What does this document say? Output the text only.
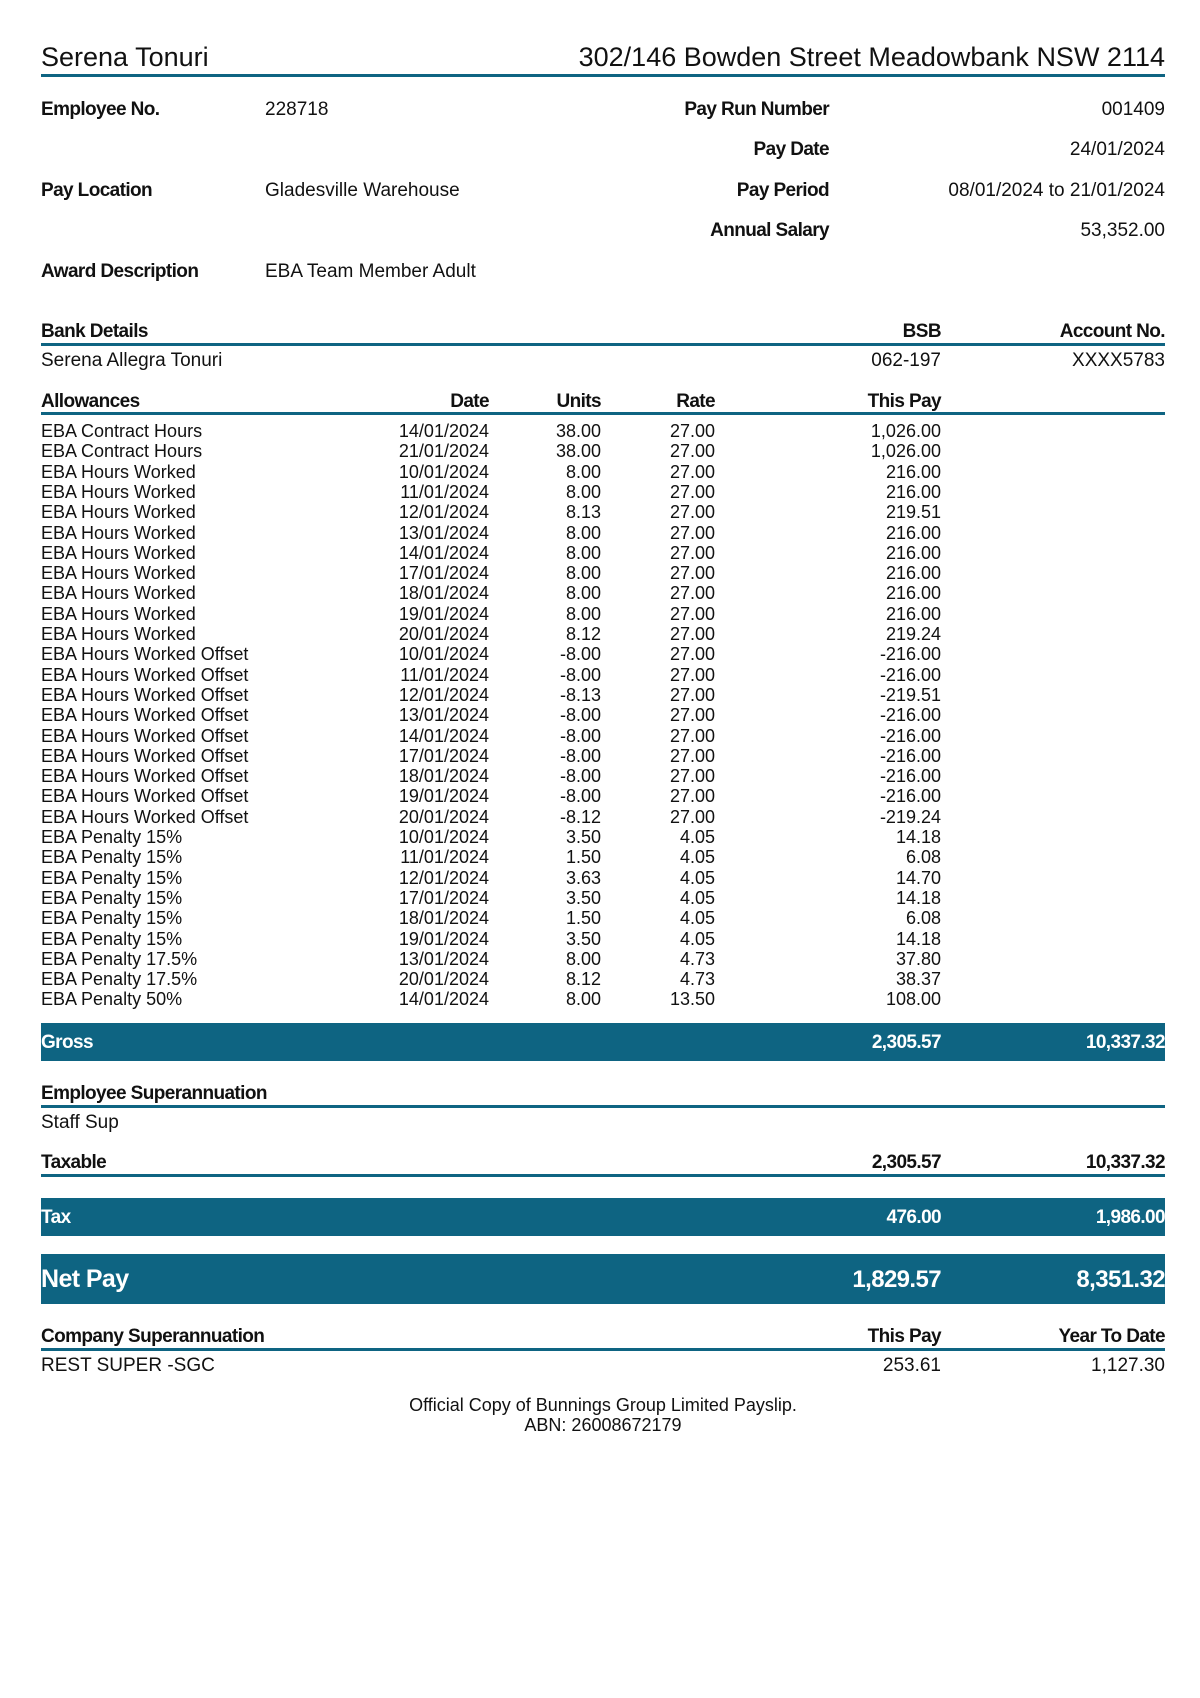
Serena Tonuri	302/146 Bowden Street Meadowbank NSW 2114
Employee No.	228718
Pay Location	Gladesville Warehouse
Award Description	EBA Team Member Adult
Pay Run Number	001409
Pay Date	24/01/2024
Pay Period	08/01/2024 to 21/01/2024
Annual Salary	53,352.00
Bank Details	BSB	Account No.
Serena Allegra Tonuri	062-197	XXXX5783
Allowances	Date	Units	Rate	This Pay
EBA Contract Hours	14/01/2024	38.00	27.00	1,026.00
EBA Contract Hours	21/01/2024	38.00	27.00	1,026.00
EBA Hours Worked	10/01/2024	8.00	27.00	216.00
EBA Hours Worked	11/01/2024	8.00	27.00	216.00
EBA Hours Worked	12/01/2024	8.13	27.00	219.51
EBA Hours Worked	13/01/2024	8.00	27.00	216.00
EBA Hours Worked	14/01/2024	8.00	27.00	216.00
EBA Hours Worked	17/01/2024	8.00	27.00	216.00
EBA Hours Worked	18/01/2024	8.00	27.00	216.00
EBA Hours Worked	19/01/2024	8.00	27.00	216.00
EBA Hours Worked	20/01/2024	8.12	27.00	219.24
EBA Hours Worked Offset	10/01/2024	-8.00	27.00	-216.00
EBA Hours Worked Offset	11/01/2024	-8.00	27.00	-216.00
EBA Hours Worked Offset	12/01/2024	-8.13	27.00	-219.51
EBA Hours Worked Offset	13/01/2024	-8.00	27.00	-216.00
EBA Hours Worked Offset	14/01/2024	-8.00	27.00	-216.00
EBA Hours Worked Offset	17/01/2024	-8.00	27.00	-216.00
EBA Hours Worked Offset	18/01/2024	-8.00	27.00	-216.00
EBA Hours Worked Offset	19/01/2024	-8.00	27.00	-216.00
EBA Hours Worked Offset	20/01/2024	-8.12	27.00	-219.24
EBA Penalty 15%	10/01/2024	3.50	4.05	14.18
EBA Penalty 15%	11/01/2024	1.50	4.05	6.08
EBA Penalty 15%	12/01/2024	3.63	4.05	14.70
EBA Penalty 15%	17/01/2024	3.50	4.05	14.18
EBA Penalty 15%	18/01/2024	1.50	4.05	6.08
EBA Penalty 15%	19/01/2024	3.50	4.05	14.18
EBA Penalty 17.5%	13/01/2024	8.00	4.73	37.80
EBA Penalty 17.5%	20/01/2024	8.12	4.73	38.37
EBA Penalty 50%	14/01/2024	8.00	13.50	108.00
Gross	2,305.57	10,337.32
Employee Superannuation
Staff Sup
Taxable	2,305.57	10,337.32
Tax	476.00	1,986.00
Net Pay	1,829.57	8,351.32
Company Superannuation	This Pay	Year To Date
REST SUPER -SGC	253.61	1,127.30
Official Copy of Bunnings Group Limited Payslip.
ABN: 26008672179
